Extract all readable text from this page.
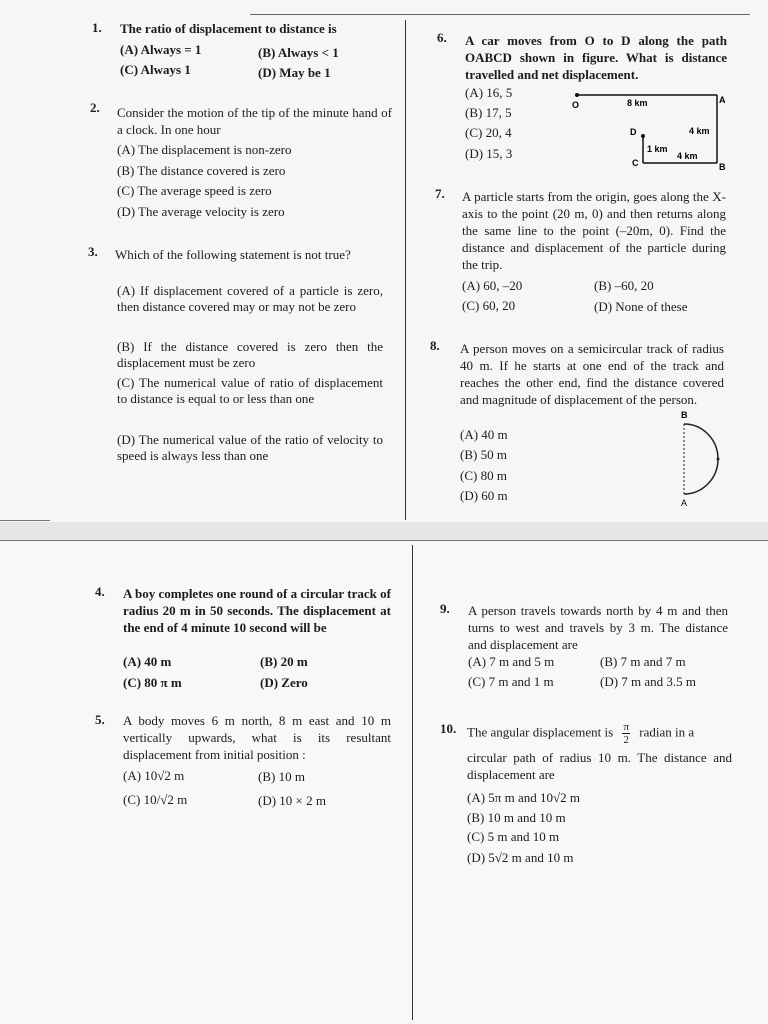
1. The ratio of displacement to distance is
(A) Always = 1	(B) Always < 1
(C) Always 1	(D) May be 1
2. Consider the motion of the tip of the minute hand of a clock. In one hour
(A) The displacement is non-zero
(B) The distance covered is zero
(C) The average speed is zero
(D) The average velocity is zero
3. Which of the following statement is not true?
(A) If displacement covered of a particle is zero, then distance covered may or may not be zero
(B) If the distance covered is zero then the displacement must be zero
(C) The numerical value of ratio of displacement to distance is equal to or less than one
(D) The numerical value of the ratio of velocity to speed is always less than one
6. A car moves from O to D along the path OABCD shown in figure. What is distance travelled and net displacement.
(A) 16, 5
(B) 17, 5
(C) 20, 4
(D) 15, 3
O	A
B
C
D
8 km
4 km
4 km
1 km
7. A particle starts from the origin, goes along the X-axis to the point (20 m, 0) and then returns along the same line to the point (–20m, 0). Find the distance and displacement of the particle during the trip.
(A) 60, –20	(B) –60, 20
(C) 60, 20	(D) None of these
8. A person moves on a semicircular track of radius 40 m. If he starts at one end of the track and reaches the other end, find the distance covered and magnitude of displacement of the person.
(A) 40 m
(B) 50 m
(C) 80 m
(D) 60 m
B
A
4. A boy completes one round of a circular track of radius 20 m in 50 seconds. The displacement at the end of 4 minute 10 second will be
(A) 40 m	(B) 20 m
(C) 80 π m	(D) Zero
5. A body moves 6 m north, 8 m east and 10 m vertically upwards, what is its resultant displacement from initial position :
(A) 10√2 m	(B) 10 m
(C) 10/√2 m	(D) 10 × 2 m
9. A person travels towards north by 4 m and then turns to west and travels by 3 m. The distance and displacement are
(A) 7 m and 5 m	(B) 7 m and 7 m
(C) 7 m and 1 m	(D) 7 m and 3.5 m
10. The angular displacement is $\frac{\pi}{2}$ radian in a
circular path of radius 10 m. The distance and displacement are
(A) 5π m and 10√2 m
(B) 10 m and 10 m
(C) 5 m and 10 m
(D) 5√2 m and 10 m
